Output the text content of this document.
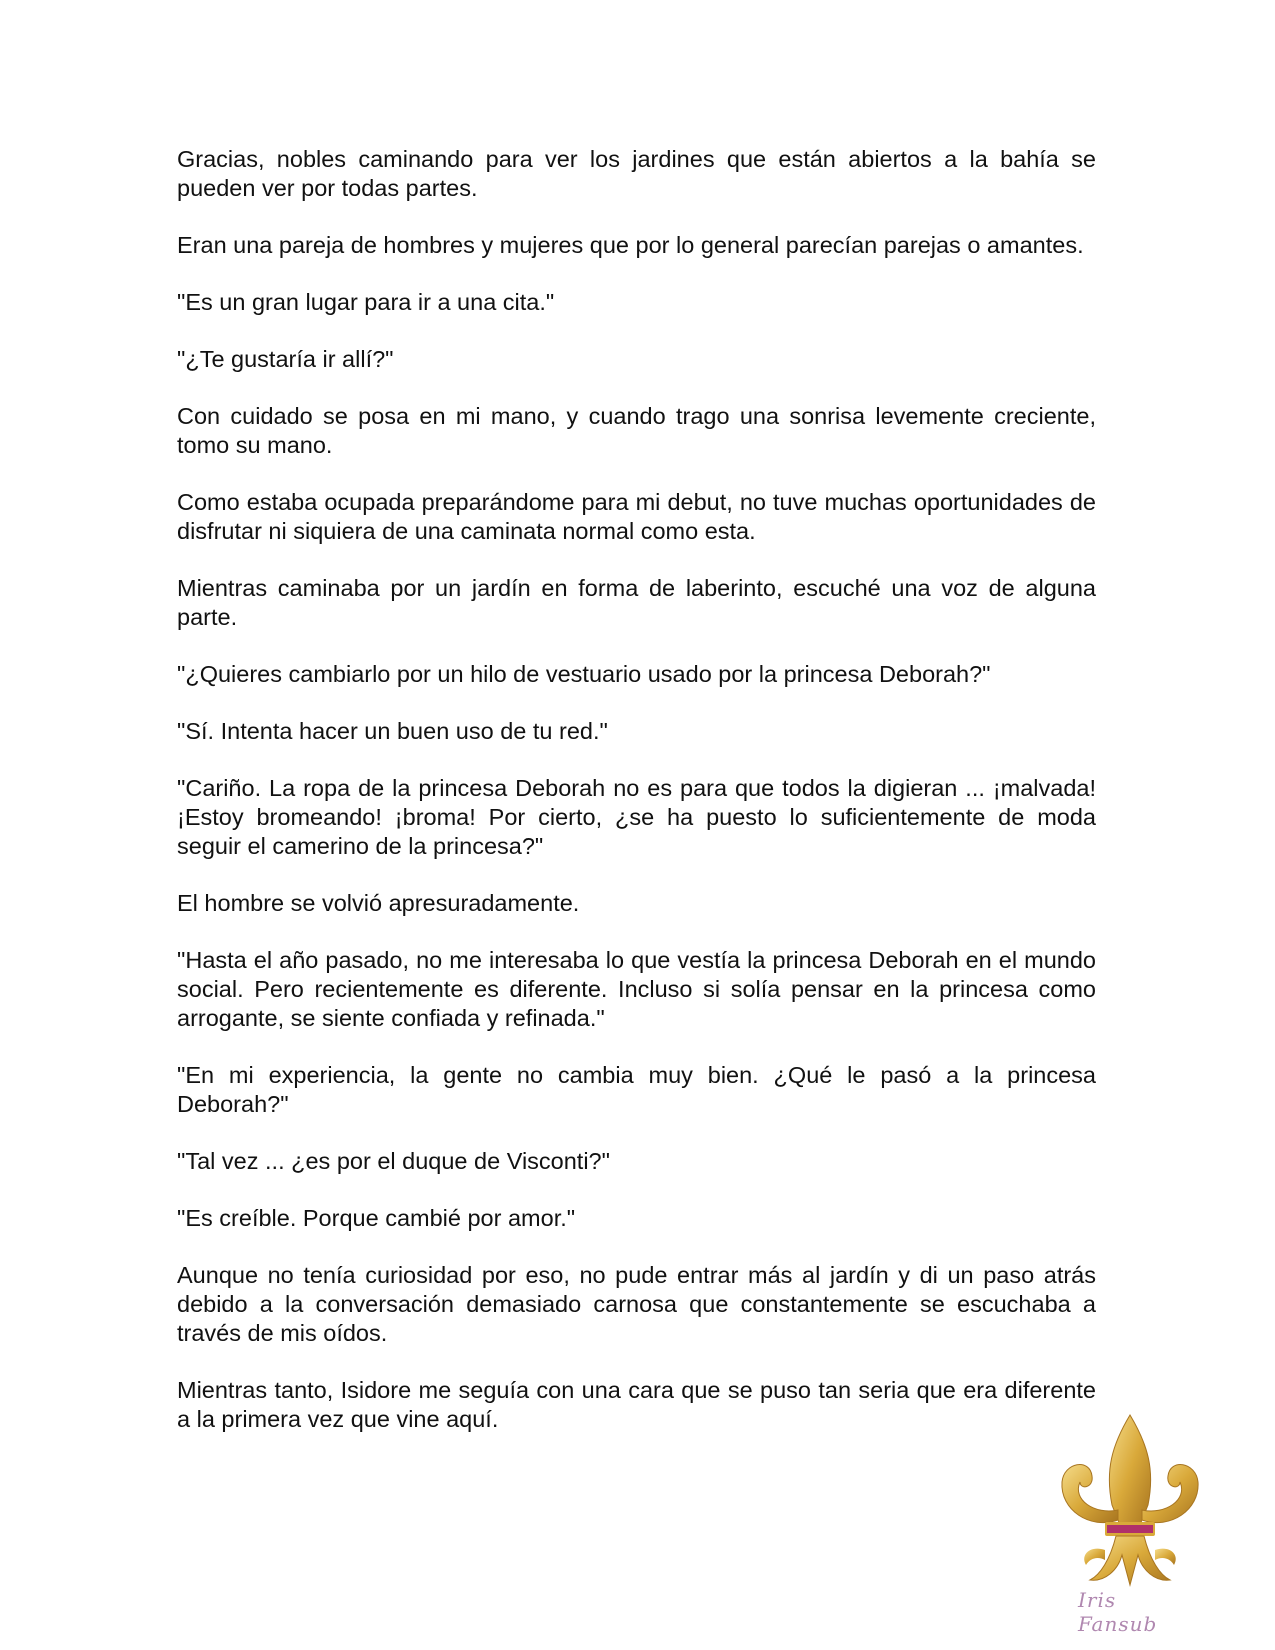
Gracias, nobles caminando para ver los jardines que están abiertos a la bahía se pueden ver por todas partes.

Eran una pareja de hombres y mujeres que por lo general parecían parejas o amantes.

"Es un gran lugar para ir a una cita."

"¿Te gustaría ir allí?"

Con cuidado se posa en mi mano, y cuando trago una sonrisa levemente creciente, tomo su mano.

Como estaba ocupada preparándome para mi debut, no tuve muchas oportunidades de disfrutar ni siquiera de una caminata normal como esta.

Mientras caminaba por un jardín en forma de laberinto, escuché una voz de alguna parte.

"¿Quieres cambiarlo por un hilo de vestuario usado por la princesa Deborah?"

"Sí. Intenta hacer un buen uso de tu red."

"Cariño. La ropa de la princesa Deborah no es para que todos la digieran ... ¡malvada! ¡Estoy bromeando! ¡broma! Por cierto, ¿se ha puesto lo suficientemente de moda seguir el camerino de la princesa?"

El hombre se volvió apresuradamente.

"Hasta el año pasado, no me interesaba lo que vestía la princesa Deborah en el mundo social. Pero recientemente es diferente. Incluso si solía pensar en la princesa como arrogante, se siente confiada y refinada."

"En mi experiencia, la gente no cambia muy bien. ¿Qué le pasó a la princesa Deborah?"

"Tal vez ... ¿es por el duque de Visconti?"

"Es creíble. Porque cambié por amor."

Aunque no tenía curiosidad por eso, no pude entrar más al jardín y di un paso atrás debido a la conversación demasiado carnosa que constantemente se escuchaba a través de mis oídos.

Mientras tanto, Isidore me seguía con una cara que se puso tan seria que era diferente a la primera vez que vine aquí.

Iris Fansub
